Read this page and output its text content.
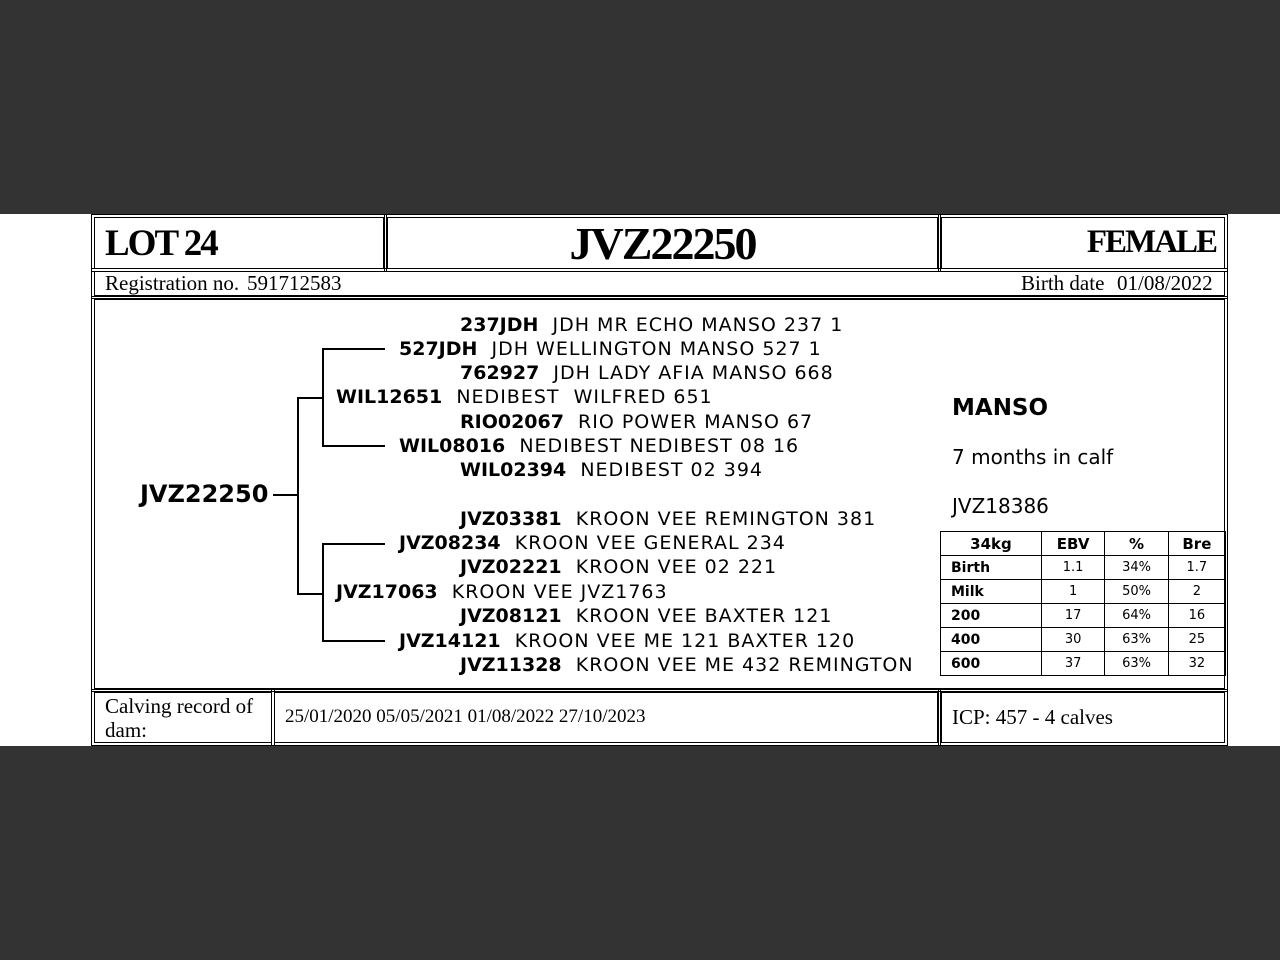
LOT 24	JVZ22250	FEMALE
Registration no. 591712583	Birth date 01/08/2022
JVZ22250
237JDH JDH MR ECHO MANSO 237 1
527JDH JDH WELLINGTON MANSO 527 1
762927 JDH LADY AFIA MANSO 668
WIL12651 NEDIBEST  WILFRED 651
RIO02067 RIO POWER MANSO 67
WIL08016 NEDIBEST NEDIBEST 08 16
WIL02394 NEDIBEST 02 394
JVZ03381 KROON VEE REMINGTON 381
JVZ08234 KROON VEE GENERAL 234
JVZ02221 KROON VEE 02 221
JVZ17063 KROON VEE JVZ1763
JVZ08121 KROON VEE BAXTER 121
JVZ14121 KROON VEE ME 121 BAXTER 120
JVZ11328 KROON VEE ME 432 REMINGTON
MANSO
7 months in calf
JVZ18386
34kg	EBV	%	Bre
Birth	1.1	34%	1.7
Milk	1	50%	2
200	17	64%	16
400	30	63%	25
600	37	63%	32
Calving record of dam:
25/01/2020 05/05/2021 01/08/2022 27/10/2023	ICP: 457 - 4 calves
